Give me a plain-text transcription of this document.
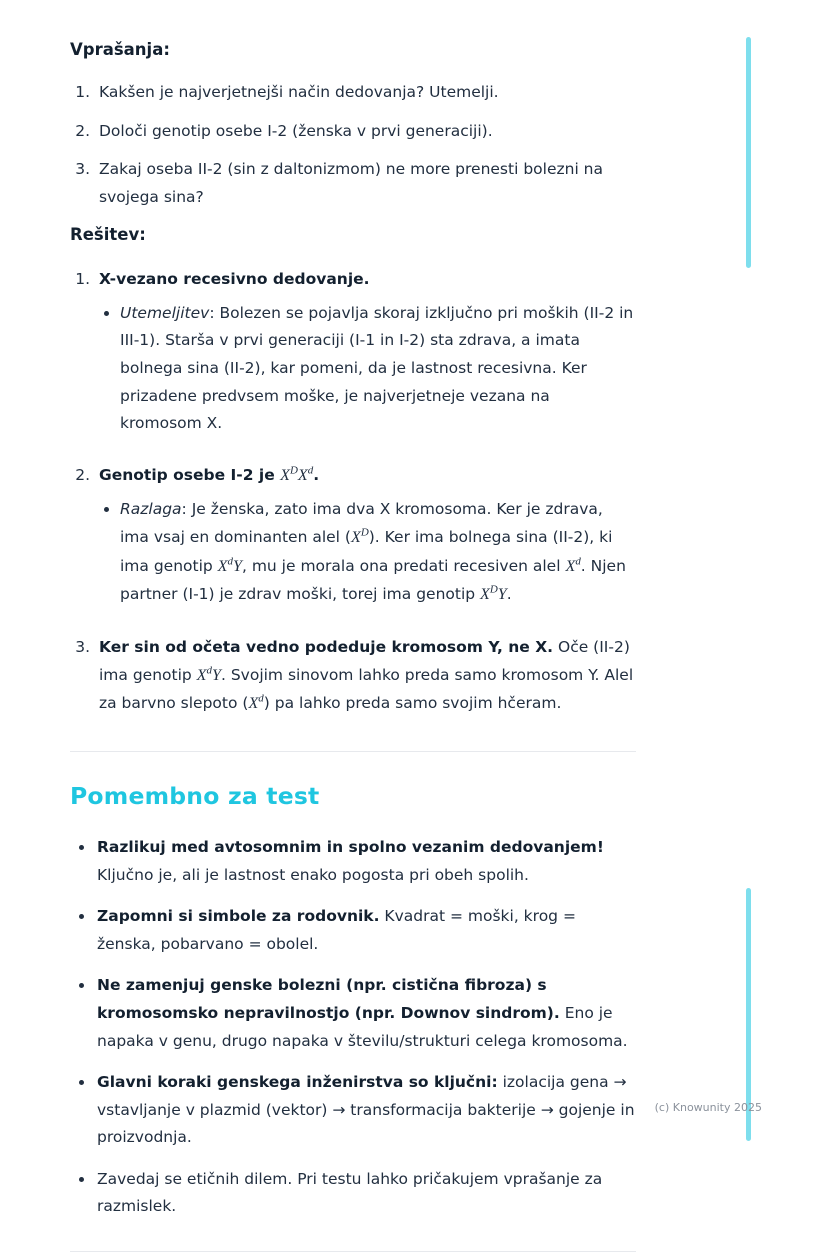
Vprašanja:
1. Kakšen je najverjetnejši način dedovanja? Utemelji.
2. Določi genotip osebe I-2 (ženska v prvi generaciji).
3. Zakaj oseba II-2 (sin z daltonizmom) ne more prenesti bolezni na svojega sina?
Rešitev:

1. X-vezano recesivno dedovanje.

• Utemeljitev: Bolezen se pojavlja skoraj izključno pri moških (II-2 in III-1). Starša v prvi generaciji (I-1 in I-2) sta zdrava, a imata bolnega sina (II-2), kar pomeni, da je lastnost recesivna. Ker prizadene predvsem moške, je najverjetneje vezana na kromosom X.

2. Genotip osebe I-2 je $X^DX^d$.

• Razlaga: Je ženska, zato ima dva X kromosoma. Ker je zdrava, ima vsaj en dominanten alel $(X^D)$. Ker ima bolnega sina (II-2), ki ima genotip $X^dY$, mu je morala ona predati recesiven alel $X^d$. Njen partner (I-1) je zdrav moški, torej ima genotip $X^DY$.

3. Ker sin od očeta vedno podeduje kromosom Y, ne X. Oče (II-2) ima genotip $X^dY$. Svojim sinovom lahko preda samo kromosom Y. Alel za barvno slepoto $(X^d)$ pa lahko preda samo svojim hčeram.

Pomembno za test
• Razlikuj med avtosomnim in spolno vezanim dedovanjem! Ključno je, ali je lastnost enako pogosta pri obeh spolih.
• Zapomni si simbole za rodovnik. Kvadrat = moški, krog = ženska, pobarvano = obolel.
• Ne zamenjuj genske bolezni (npr. cistična fibroza) s kromosomsko nepravilnostjo (npr. Downov sindrom). Eno je napaka v genu, drugo napaka v številu/strukturi celega kromosoma.
• Glavni koraki genskega inženirstva so ključni: izolacija gena → vstavljanje v plazmid (vektor) → transformacija bakterije → gojenje in proizvodnja.
• Zavedaj se etičnih dilem. Pri testu lahko pričakujem vprašanje za razmislek.
(c) Knowunity 2025
